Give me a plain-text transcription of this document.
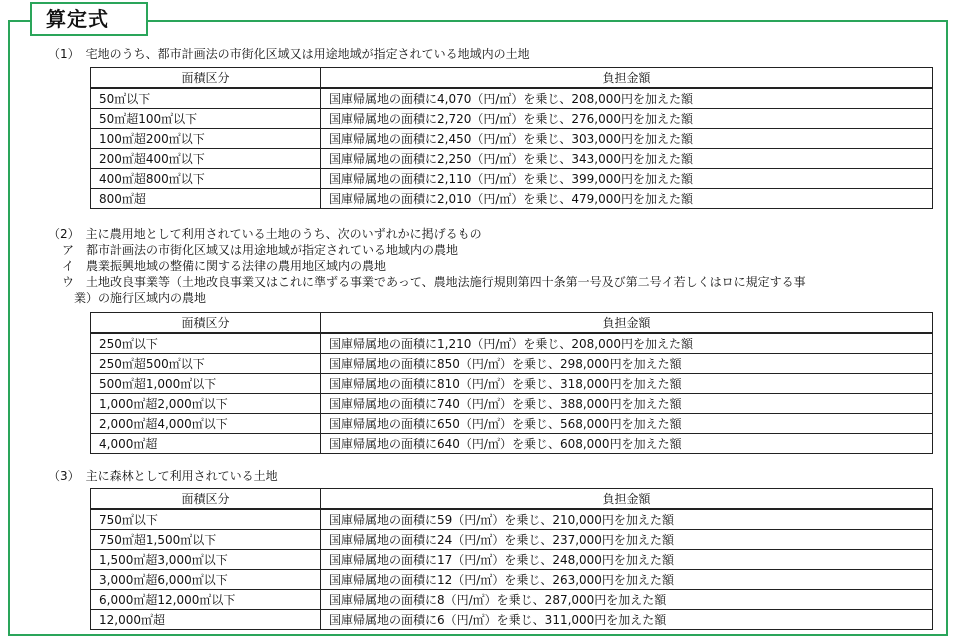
算定式
（1）　宅地のうち、都市計画法の市街化区域又は用途地域が指定されている地域内の土地
面積区分	負担金額
50㎡以下	国庫帰属地の面積に4,070（円/㎡）を乗じ、208,000円を加えた額
50㎡超100㎡以下	国庫帰属地の面積に2,720（円/㎡）を乗じ、276,000円を加えた額
100㎡超200㎡以下	国庫帰属地の面積に2,450（円/㎡）を乗じ、303,000円を加えた額
200㎡超400㎡以下	国庫帰属地の面積に2,250（円/㎡）を乗じ、343,000円を加えた額
400㎡超800㎡以下	国庫帰属地の面積に2,110（円/㎡）を乗じ、399,000円を加えた額
800㎡超	国庫帰属地の面積に2,010（円/㎡）を乗じ、479,000円を加えた額
（2）　主に農用地として利用されている土地のうち、次のいずれかに掲げるもの
ア　都市計画法の市街化区域又は用途地域が指定されている地域内の農地
イ　農業振興地域の整備に関する法律の農用地区域内の農地
ウ　土地改良事業等（土地改良事業又はこれに準ずる事業であって、農地法施行規則第四十条第一号及び第二号イ若しくはロに規定する事
業）の施行区域内の農地
面積区分	負担金額
250㎡以下	国庫帰属地の面積に1,210（円/㎡）を乗じ、208,000円を加えた額
250㎡超500㎡以下	国庫帰属地の面積に850（円/㎡）を乗じ、298,000円を加えた額
500㎡超1,000㎡以下	国庫帰属地の面積に810（円/㎡）を乗じ、318,000円を加えた額
1,000㎡超2,000㎡以下	国庫帰属地の面積に740（円/㎡）を乗じ、388,000円を加えた額
2,000㎡超4,000㎡以下	国庫帰属地の面積に650（円/㎡）を乗じ、568,000円を加えた額
4,000㎡超	国庫帰属地の面積に640（円/㎡）を乗じ、608,000円を加えた額
（3）　主に森林として利用されている土地
面積区分	負担金額
750㎡以下	国庫帰属地の面積に59（円/㎡）を乗じ、210,000円を加えた額
750㎡超1,500㎡以下	国庫帰属地の面積に24（円/㎡）を乗じ、237,000円を加えた額
1,500㎡超3,000㎡以下	国庫帰属地の面積に17（円/㎡）を乗じ、248,000円を加えた額
3,000㎡超6,000㎡以下	国庫帰属地の面積に12（円/㎡）を乗じ、263,000円を加えた額
6,000㎡超12,000㎡以下	国庫帰属地の面積に8（円/㎡）を乗じ、287,000円を加えた額
12,000㎡超	国庫帰属地の面積に6（円/㎡）を乗じ、311,000円を加えた額
